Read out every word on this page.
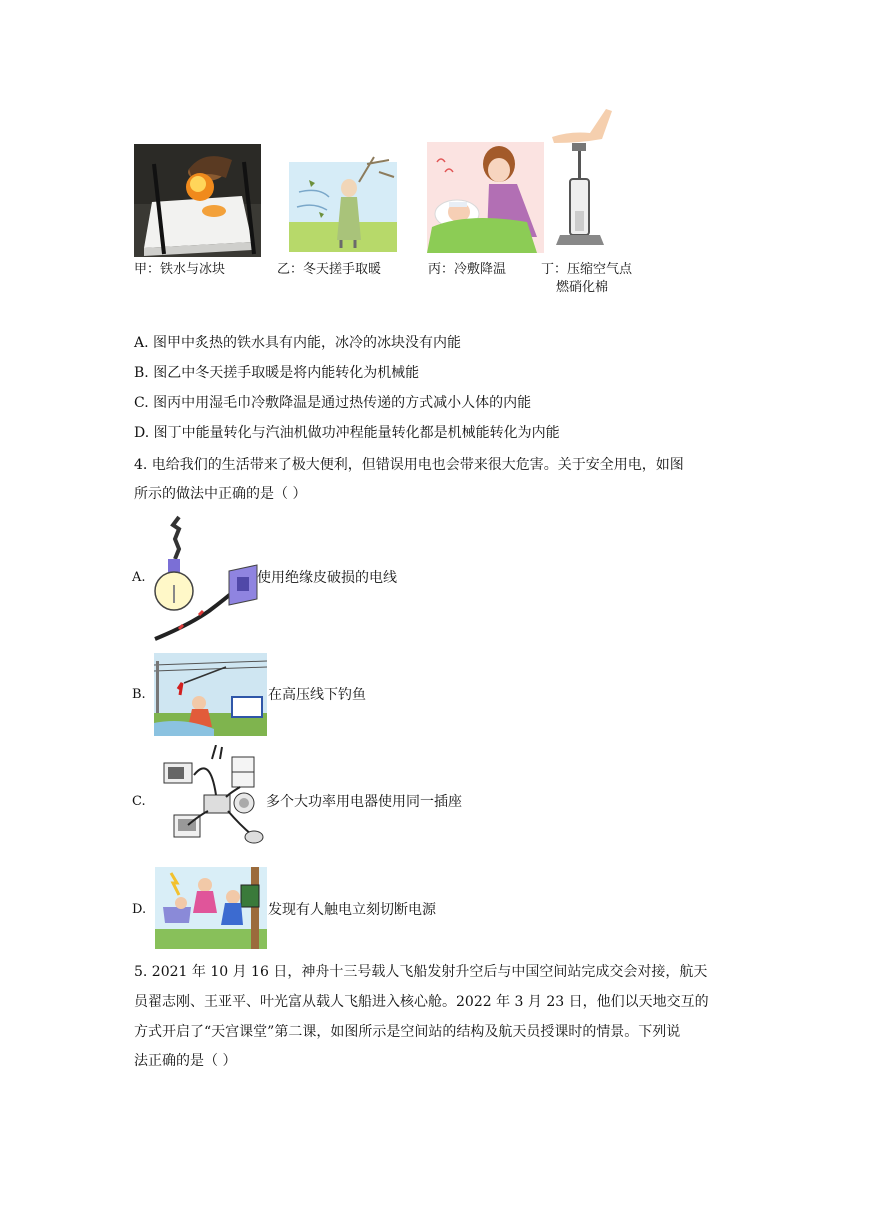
甲：铁水与冰块	乙：冬天搓手取暖	丙：冷敷降温	丁：压缩空气点
燃硝化棉
A. 图甲中炙热的铁水具有内能，冰冷的冰块没有内能
B. 图乙中冬天搓手取暖是将内能转化为机械能
C. 图丙中用湿毛巾冷敷降温是通过热传递的方式减小人体的内能
D. 图丁中能量转化与汽油机做功冲程能量转化都是机械能转化为内能
4. 电给我们的生活带来了极大便利，但错误用电也会带来很大危害。关于安全用电，如图
所示的做法中正确的是（ ）
A.	使用绝缘皮破损的电线
B.	在高压线下钓鱼
C.	多个大功率用电器使用同一插座
D.	发现有人触电立刻切断电源
5. 2021 年 10 月 16 日，神舟十三号载人飞船发射升空后与中国空间站完成交会对接，航天
员翟志刚、王亚平、叶光富从载人飞船进入核心舱。2022 年 3 月 23 日，他们以天地交互的
方式开启了“天宫课堂”第二课，如图所示是空间站的结构及航天员授课时的情景。下列说
法正确的是（ ）
